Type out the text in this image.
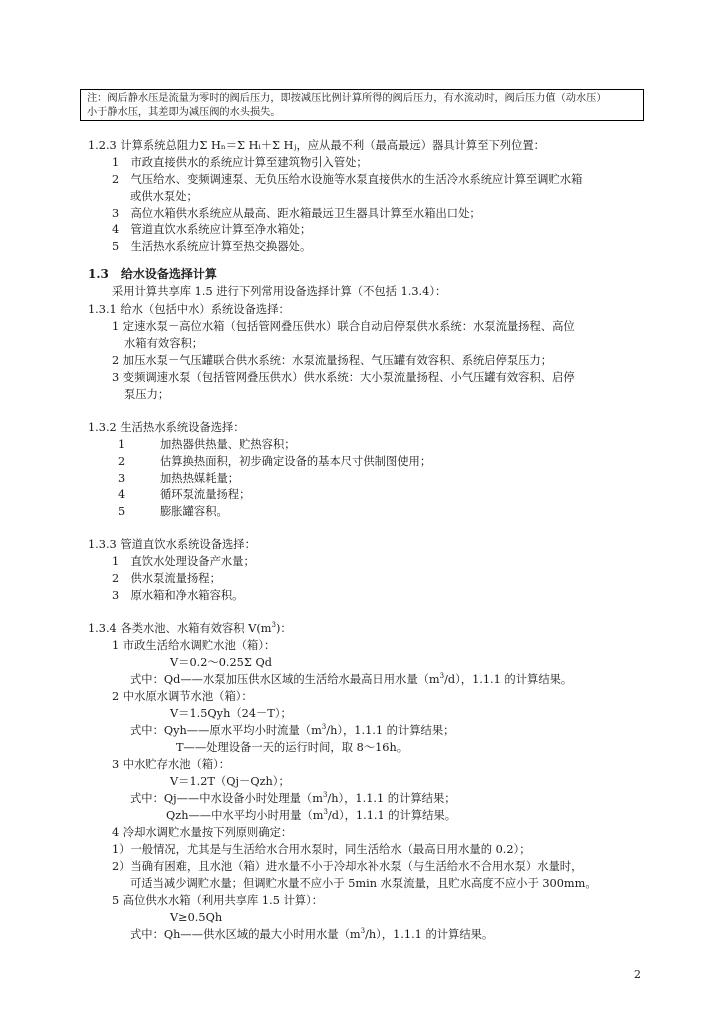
注：阀后静水压是流量为零时的阀后压力，即按减压比例计算所得的阀后压力，有水流动时，阀后压力值（动水压）
小于静水压，其差即为减压阀的水头损失。
1.2.3 计算系统总阻力Σ Hₙ＝Σ Hᵢ＋Σ Hⱼ，应从最不利（最高最远）器具计算至下列位置：
1　市政直接供水的系统应计算至建筑物引入管处；
2　气压给水、变频调速泵、无负压给水设施等水泵直接供水的生活冷水系统应计算至调贮水箱
或供水泵处；
3　高位水箱供水系统应从最高、距水箱最远卫生器具计算至水箱出口处；
4　管道直饮水系统应计算至净水箱处；
5　生活热水系统应计算至热交换器处。
1.3　给水设备选择计算
采用计算共享库 1.5 进行下列常用设备选择计算（不包括 1.3.4）：
1.3.1 给水（包括中水）系统设备选择：
1 定速水泵－高位水箱（包括管网叠压供水）联合自动启停泵供水系统：水泵流量扬程、高位
水箱有效容积；
2 加压水泵－气压罐联合供水系统：水泵流量扬程、气压罐有效容积、系统启停泵压力；
3 变频调速水泵（包括管网叠压供水）供水系统：大小泵流量扬程、小气压罐有效容积、启停
泵压力；
1.3.2 生活热水系统设备选择：
1	加热器供热量、贮热容积；
2	估算换热面积，初步确定设备的基本尺寸供制图使用；
3	加热热媒耗量；
4	循环泵流量扬程；
5	膨胀罐容积。
1.3.3 管道直饮水系统设备选择：
1　直饮水处理设备产水量；
2　供水泵流量扬程；
3　原水箱和净水箱容积。
1.3.4 各类水池、水箱有效容积 $V(m^3)$：
1 市政生活给水调贮水池（箱）：
V＝0.2～0.25Σ Qd
式中：Qd——水泵加压供水区域的生活给水最高日用水量$(m^3/d)$，1.1.1 的计算结果。
2 中水原水调节水池（箱）：
V＝1.5Qyh（24－T）；
式中：Qyh——原水平均小时流量$(m^3/h)$，1.1.1 的计算结果；
T——处理设备一天的运行时间，取 8～16h。
3 中水贮存水池（箱）：
V＝1.2T（Qj－Qzh）；
式中：Qj——中水设备小时处理量$(m^3/h)$，1.1.1 的计算结果；
Qzh——中水平均小时用量$(m^3/d)$，1.1.1 的计算结果。
4 冷却水调贮水量按下列原则确定：
1）一般情况，尤其是与生活给水合用水泵时，同生活给水（最高日用水量的 0.2）；
2）当确有困难，且水池（箱）进水量不小于冷却水补水泵（与生活给水不合用水泵）水量时，
可适当减少调贮水量；但调贮水量不应小于 5min 水泵流量，且贮水高度不应小于 300mm。
5 高位供水水箱（利用共享库 1.5 计算）：
V≥0.5Qh
式中：Qh——供水区域的最大小时用水量$(m^3/h)$，1.1.1 的计算结果。
2
